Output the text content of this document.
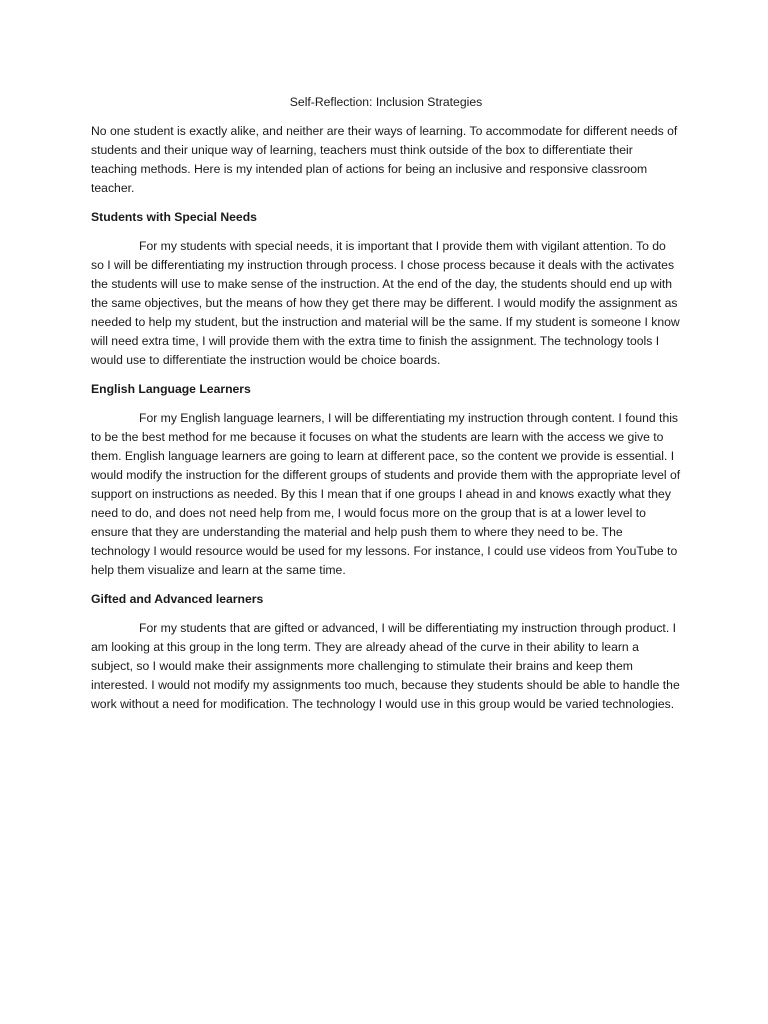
Self-Reflection: Inclusion Strategies

No one student is exactly alike, and neither are their ways of learning. To accommodate for different needs of students and their unique way of learning, teachers must think outside of the box to differentiate their teaching methods. Here is my intended plan of actions for being an inclusive and responsive classroom teacher.

Students with Special Needs

For my students with special needs, it is important that I provide them with vigilant attention. To do so I will be differentiating my instruction through process. I chose process because it deals with the activates the students will use to make sense of the instruction. At the end of the day, the students should end up with the same objectives, but the means of how they get there may be different. I would modify the assignment as needed to help my student, but the instruction and material will be the same. If my student is someone I know will need extra time, I will provide them with the extra time to finish the assignment. The technology tools I would use to differentiate the instruction would be choice boards.

English Language Learners

For my English language learners, I will be differentiating my instruction through content. I found this to be the best method for me because it focuses on what the students are learn with the access we give to them. English language learners are going to learn at different pace, so the content we provide is essential. I would modify the instruction for the different groups of students and provide them with the appropriate level of support on instructions as needed. By this I mean that if one groups I ahead in and knows exactly what they need to do, and does not need help from me, I would focus more on the group that is at a lower level to ensure that they are understanding the material and help push them to where they need to be. The technology I would resource would be used for my lessons. For instance, I could use videos from YouTube to help them visualize and learn at the same time.

Gifted and Advanced learners

For my students that are gifted or advanced, I will be differentiating my instruction through product. I am looking at this group in the long term. They are already ahead of the curve in their ability to learn a subject, so I would make their assignments more challenging to stimulate their brains and keep them interested. I would not modify my assignments too much, because they students should be able to handle the work without a need for modification. The technology I would use in this group would be varied technologies.
